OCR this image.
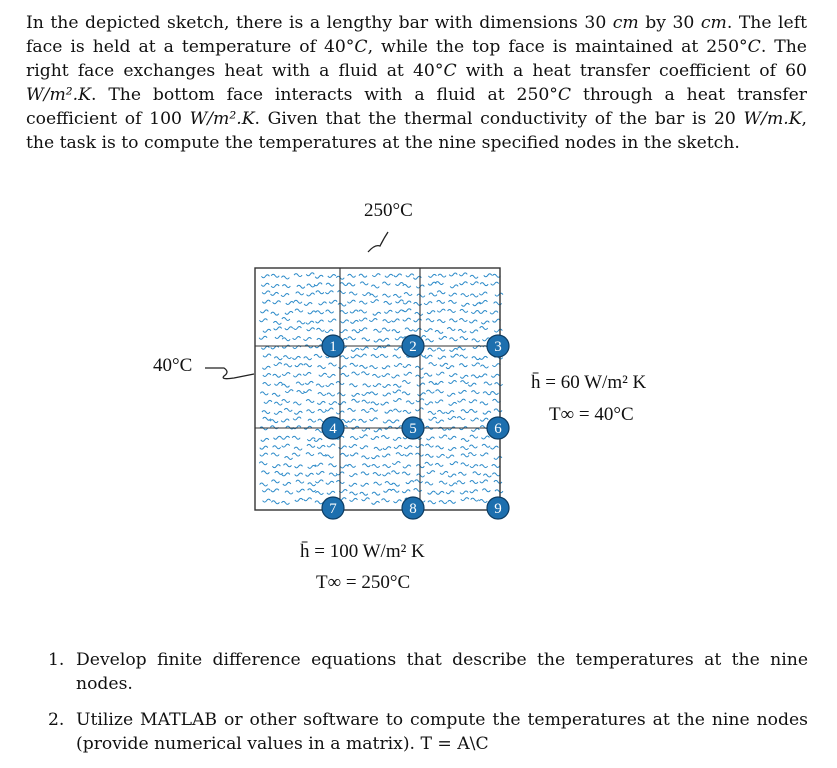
In the depicted sketch, there is a lengthy bar with dimensions 30 cm by 30 cm. The left face is held at a temperature of 40°C, while the top face is maintained at 250°C. The right face exchanges heat with a fluid at 40°C with a heat transfer coefficient of 60 W/m².K. The bottom face interacts with a fluid at 250°C through a heat transfer coefficient of 100 W/m².K. Given that the thermal conductivity of the bar is 20 W/m.K, the task is to compute the temperatures at the nine specified nodes in the sketch.
250°C
40°C
h̄ = 60 W/m² K
T∞ = 40°C
h̄ = 100 W/m² K
T∞ = 250°C
1	2	3
4	5	6
7	8	9
1. Develop finite difference equations that describe the temperatures at the nine nodes.
2. Utilize MATLAB or other software to compute the temperatures at the nine nodes (provide numerical values in a matrix). T = A\C
